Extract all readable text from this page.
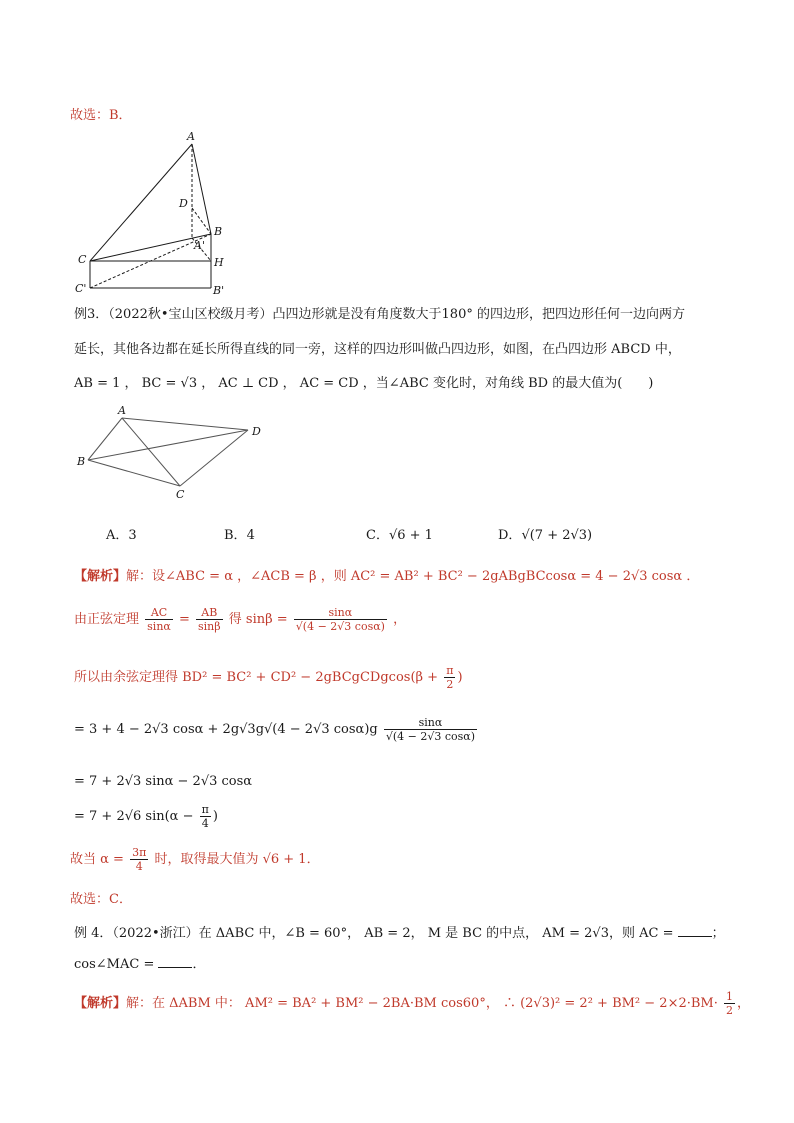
故选：B．
A
D
B
A'
C	H
C'	B'
例3．（2022秋•宝山区校级月考）凸四边形就是没有角度数大于180° 的四边形，把四边形任何一边向两方
延长，其他各边都在延长所得直线的同一旁，这样的四边形叫做凸四边形，如图，在凸四边形 ABCD 中，
AB = 1 ， BC = √3 ， AC ⊥ CD ， AC = CD ，当∠ABC 变化时，对角线 BD 的最大值为(　　)
A
D
B
C
A．3	B．4	C．√6 + 1	D．√(7 + 2√3)
【解析】解：设∠ABC = α ，∠ACB = β ，则 AC² = AB² + BC² − 2gABgBCcosα = 4 − 2√3 cosα ．
由正弦定理 $\frac{AC}{\sin\alpha} = \frac{AB}{\sin\beta}$ 得 $\sin\beta = \frac{\sin\alpha}{√(4 - 2√3 \cos\alpha)}$ ，
所以由余弦定理得 BD² = BC² + CD² − 2gBCgCDgcos(β + $\frac{\pi}{2}$ )
= 3 + 4 − 2√3 cosα + 2g√3g√(4 − 2√3 $\cos\alpha)g \frac{\sin\alpha}{√(4 - 2√3 \cos\alpha)}$
= 7 + 2√3 sinα − 2√3 cosα
= 7 + 2√6 $\sin(\alpha - \frac{\pi}{4}$ )
故当 $\alpha = \frac{3\pi}{4}$ 时，取得最大值为 √6 + 1．
故选：C．
例 4．（2022•浙江）在 ΔABC 中，∠B = 60°， AB = 2， M 是 BC 的中点， AM = 2√3，则 AC =	；
cos∠MAC =	．
【解析】解：在 ΔABM 中： AM² = BA² + BM² − 2BA·BM cos60°， ∴ $(2√3)^2 = 2^2 + BM^2 - 2\times 2\cdot BM\cdot \frac{1}{2}$ ，
